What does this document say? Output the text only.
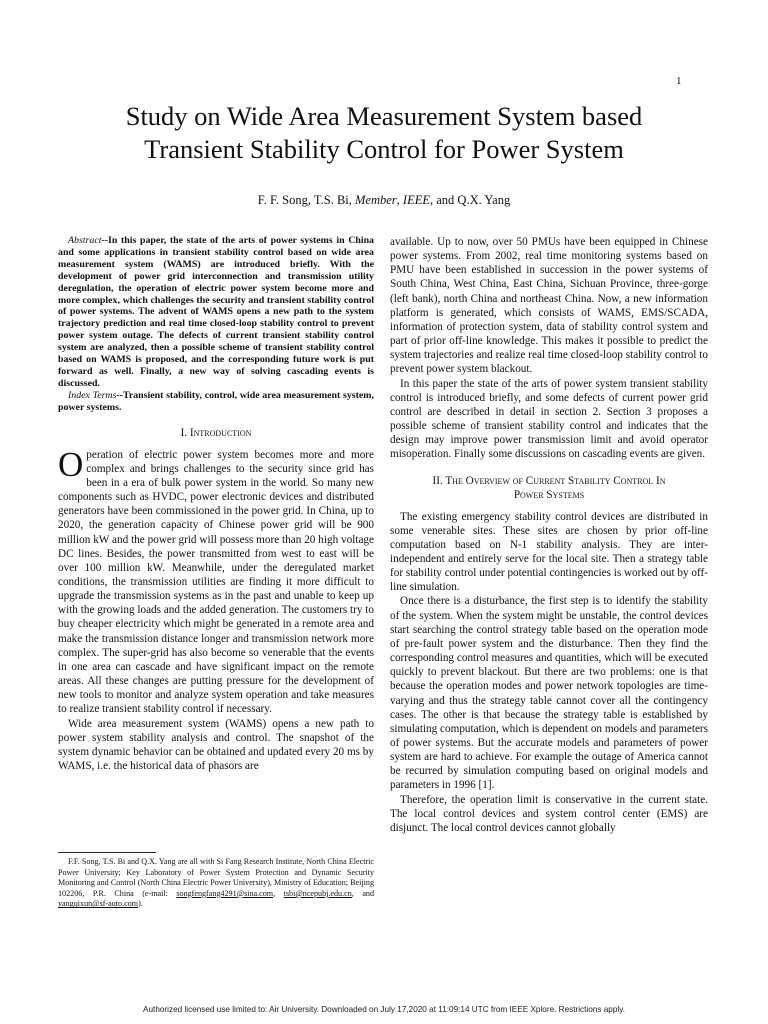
1
Study on Wide Area Measurement System based
Transient Stability Control for Power System
F. F. Song, T.S. Bi, Member, IEEE, and Q.X. Yang

Abstract--In this paper, the state of the arts of power systems in China and some applications in transient stability control based on wide area measurement system (WAMS) are introduced briefly. With the development of power grid interconnection and transmission utility deregulation, the operation of electric power system become more and more complex, which challenges the security and transient stability control of power systems. The advent of WAMS opens a new path to the system trajectory prediction and real time closed-loop stability control to prevent power system outage. The defects of current transient stability control system are analyzed, then a possible scheme of transient stability control based on WAMS is proposed, and the corresponding future work is put forward as well. Finally, a new way of solving cascading events is discussed.

Index Terms--Transient stability, control, wide area measurement system, power systems.

I. Introduction

Operation of electric power system becomes more and more complex and brings challenges to the security since grid has been in a era of bulk power system in the world. So many new components such as HVDC, power electronic devices and distributed generators have been commissioned in the power grid. In China, up to 2020, the generation capacity of Chinese power grid will be 900 million kW and the power grid will possess more than 20 high voltage DC lines. Besides, the power transmitted from west to east will be over 100 million kW. Meanwhile, under the deregulated market conditions, the transmission utilities are finding it more difficult to upgrade the transmission systems as in the past and unable to keep up with the growing loads and the added generation. The customers try to buy cheaper electricity which might be generated in a remote area and make the transmission distance longer and transmission network more complex. The super-grid has also become so venerable that the events in one area can cascade and have significant impact on the remote areas. All these changes are putting pressure for the development of new tools to monitor and analyze system operation and take measures to realize transient stability control if necessary.

Wide area measurement system (WAMS) opens a new path to power system stability analysis and control. The snapshot of the system dynamic behavior can be obtained and updated every 20 ms by WAMS, i.e. the historical data of phasors are

available. Up to now, over 50 PMUs have been equipped in Chinese power systems. From 2002, real time monitoring systems based on PMU have been established in succession in the power systems of South China, West China, East China, Sichuan Province, three-gorge (left bank), north China and northeast China. Now, a new information platform is generated, which consists of WAMS, EMS/SCADA, information of protection system, data of stability control system and part of prior off-line knowledge. This makes it possible to predict the system trajectories and realize real time closed-loop stability control to prevent power system blackout.

In this paper the state of the arts of power system transient stability control is introduced briefly, and some defects of current power grid control are described in detail in section 2. Section 3 proposes a possible scheme of transient stability control and indicates that the design may improve power transmission limit and avoid operator misoperation. Finally some discussions on cascading events are given.

II. The Overview of Current Stability Control In
Power Systems

The existing emergency stability control devices are distributed in some venerable sites. These sites are chosen by prior off-line computation based on N-1 stability analysis. They are inter-independent and entirely serve for the local site. Then a strategy table for stability control under potential contingencies is worked out by off-line simulation.

Once there is a disturbance, the first step is to identify the stability of the system. When the system might be unstable, the control devices start searching the control strategy table based on the operation mode of pre-fault power system and the disturbance. Then they find the corresponding control measures and quantities, which will be executed quickly to prevent blackout. But there are two problems: one is that because the operation modes and power network topologies are time-varying and thus the strategy table cannot cover all the contingency cases. The other is that because the strategy table is established by simulating computation, which is dependent on models and parameters of power systems. But the accurate models and parameters of power system are hard to achieve. For example the outage of America cannot be recurred by simulation computing based on original models and parameters in 1996 [1].

Therefore, the operation limit is conservative in the current state. The local control devices and system control center (EMS) are disjunct. The local control devices cannot globally

F.F. Song, T.S. Bi and Q.X. Yang are all with Si Fang Research Institute, North China Electric Power University; Key Laboratory of Power System Protection and Dynamic Security Monitoring and Control (North China Electric Power University), Ministry of Education; Beijing 102206, P.R. China (e-mail: songfengfang4291@sina.com, tsbi@ncepubj.edu.cn, and yangqixun@sf-auto.com).

Authorized licensed use limited to: Air University. Downloaded on July 17,2020 at 11:09:14 UTC from IEEE Xplore. Restrictions apply.
